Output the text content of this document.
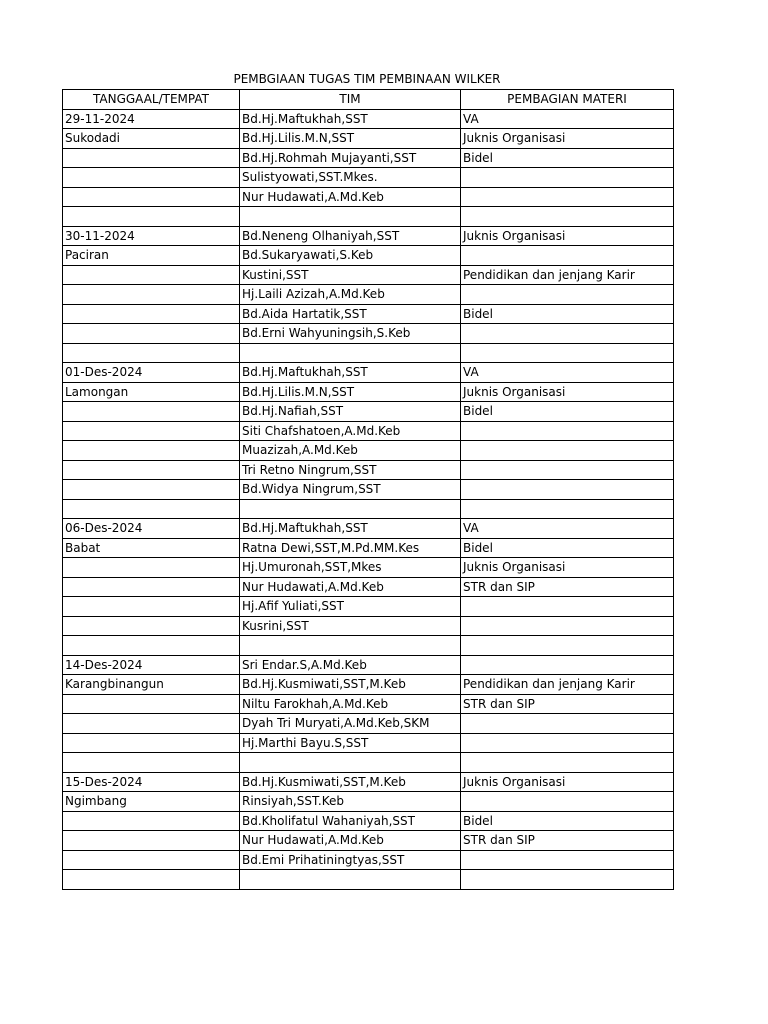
PEMBGIAAN TUGAS TIM PEMBINAAN WILKER
TANGGAAL/TEMPAT	TIM	PEMBAGIAN MATERI
29-11-2024	Bd.Hj.Maftukhah,SST	VA
Sukodadi	Bd.Hj.Lilis.M.N,SST	Juknis Organisasi
	Bd.Hj.Rohmah Mujayanti,SST	Bidel
	Sulistyowati,SST.Mkes.	
	Nur Hudawati,A.Md.Keb	

30-11-2024	Bd.Neneng Olhaniyah,SST	Juknis Organisasi
Paciran	Bd.Sukaryawati,S.Keb	
	Kustini,SST	Pendidikan dan jenjang Karir
	Hj.Laili Azizah,A.Md.Keb	
	Bd.Aida Hartatik,SST	Bidel
	Bd.Erni Wahyuningsih,S.Keb	

01-Des-2024	Bd.Hj.Maftukhah,SST	VA
Lamongan	Bd.Hj.Lilis.M.N,SST	Juknis Organisasi
	Bd.Hj.Nafiah,SST	Bidel
	Siti Chafshatoen,A.Md.Keb	
	Muazizah,A.Md.Keb	
	Tri Retno Ningrum,SST	
	Bd.Widya Ningrum,SST	

06-Des-2024	Bd.Hj.Maftukhah,SST	VA
Babat	Ratna Dewi,SST,M.Pd.MM.Kes	Bidel
	Hj.Umuronah,SST,Mkes	Juknis Organisasi
	Nur Hudawati,A.Md.Keb	STR dan SIP
	Hj.Afif Yuliati,SST	
	Kusrini,SST	

14-Des-2024	Sri Endar.S,A.Md.Keb	
Karangbinangun	Bd.Hj.Kusmiwati,SST,M.Keb	Pendidikan dan jenjang Karir
	Niltu Farokhah,A.Md.Keb	STR dan SIP
	Dyah Tri Muryati,A.Md.Keb,SKM	
	Hj.Marthi Bayu.S,SST	

15-Des-2024	Bd.Hj.Kusmiwati,SST,M.Keb	Juknis Organisasi
Ngimbang	Rinsiyah,SST.Keb	
	Bd.Kholifatul Wahaniyah,SST	Bidel
	Nur Hudawati,A.Md.Keb	STR dan SIP
	Bd.Emi Prihatiningtyas,SST	
